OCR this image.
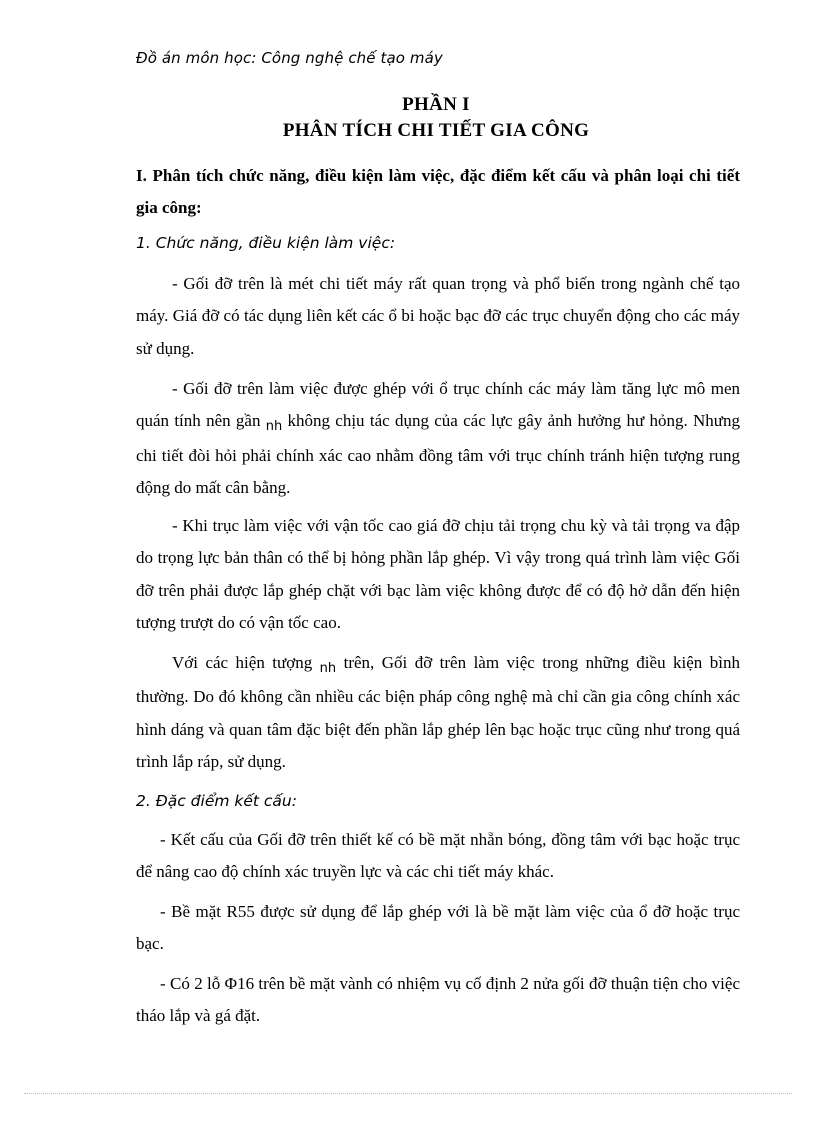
Đồ án môn học: Công nghệ chế tạo máy
PHẦN I
PHÂN TÍCH CHI TIẾT GIA CÔNG
I. Phân tích chức năng, điều kiện làm việc, đặc điểm kết cấu và phân loại chi tiết gia công:
1. Chức năng, điều kiện làm việc:
- Gối đỡ trên là mét chi tiết máy rất quan trọng và phổ biến trong ngành chế tạo máy. Giá đỡ có tác dụng liên kết các ổ bi hoặc bạc đỡ các trục chuyển động cho các máy sử dụng.
- Gối đỡ trên làm việc được ghép với ổ trục chính các máy làm tăng lực mô men quán tính nên gần $_{nh}$ không chịu tác dụng của các lực gây ảnh hưởng hư hỏng. Nhưng chi tiết đòi hỏi phải chính xác cao nhằm đồng tâm với trục chính tránh hiện tượng rung động do mất cân bằng.
- Khi trục làm việc với vận tốc cao giá đỡ chịu tải trọng chu kỳ và tải trọng va đập do trọng lực bản thân có thể bị hỏng phần lắp ghép. Vì vậy trong quá trình làm việc Gối đỡ trên phải được lắp ghép chặt với bạc làm việc không được để có độ hở dẫn đến hiện tượng trượt do có vận tốc cao.
Với các hiện tượng $_{nh}$ trên, Gối đỡ trên làm việc trong những điều kiện bình thường. Do đó không cần nhiều các biện pháp công nghệ mà chỉ cần gia công chính xác hình dáng và quan tâm đặc biệt đến phần lắp ghép lên bạc hoặc trục cũng như trong quá trình lắp ráp, sử dụng.
2. Đặc điểm kết cấu:
- Kết cấu của Gối đỡ trên thiết kế có bề mặt nhẵn bóng, đồng tâm với bạc hoặc trục để nâng cao độ chính xác truyền lực và các chi tiết máy khác.
- Bề mặt R55 được sử dụng để lắp ghép với là bề mặt làm việc của ổ đỡ hoặc trục bạc.
- Có 2 lỗ Φ16 trên bề mặt vành có nhiệm vụ cố định 2 nửa gối đỡ thuận tiện cho việc tháo lắp và gá đặt.
